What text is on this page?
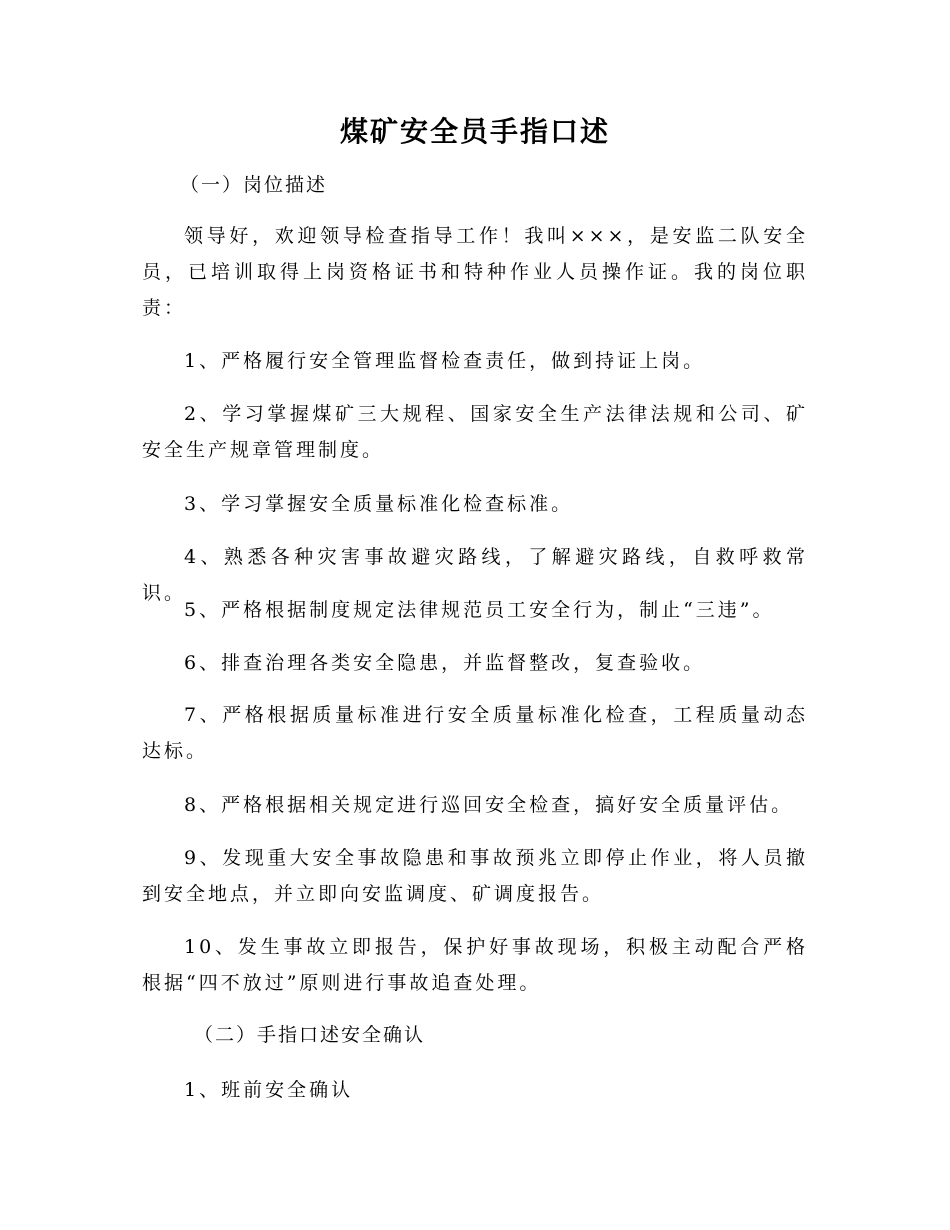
煤矿安全员手指口述

（一）岗位描述

领导好，欢迎领导检查指导工作！我叫×××，是安监二队安全员，已培训取得上岗资格证书和特种作业人员操作证。我的岗位职责：

1、严格履行安全管理监督检查责任，做到持证上岗。

2、学习掌握煤矿三大规程、国家安全生产法律法规和公司、矿安全生产规章管理制度。

3、学习掌握安全质量标准化检查标准。

4、熟悉各种灾害事故避灾路线，了解避灾路线，自救呼救常识。

5、严格根据制度规定法律规范员工安全行为，制止“三违”。

6、排查治理各类安全隐患，并监督整改，复查验收。

7、严格根据质量标准进行安全质量标准化检查，工程质量动态达标。

8、严格根据相关规定进行巡回安全检查，搞好安全质量评估。

9、发现重大安全事故隐患和事故预兆立即停止作业，将人员撤到安全地点，并立即向安监调度、矿调度报告。

10、发生事故立即报告，保护好事故现场，积极主动配合严格根据“四不放过”原则进行事故追查处理。

（二）手指口述安全确认

1、班前安全确认
